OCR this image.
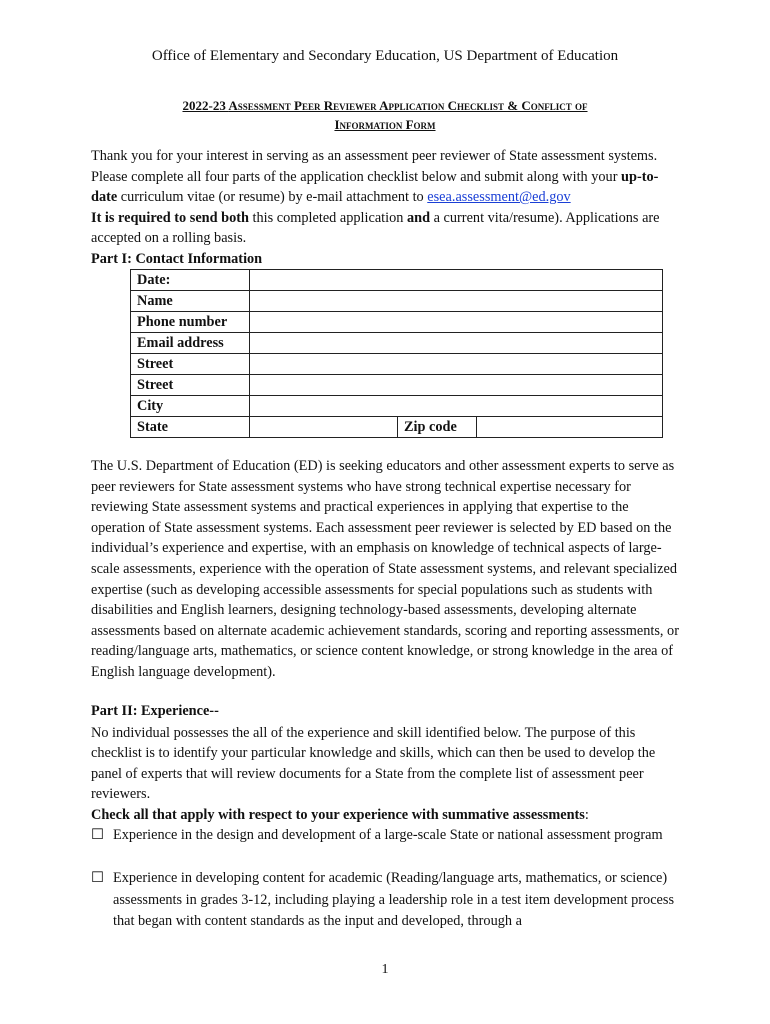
Office of Elementary and Secondary Education, US Department of Education
2022-23 Assessment Peer Reviewer Application Checklist & Conflict of
Information Form

Thank you for your interest in serving as an assessment peer reviewer of State assessment systems. Please complete all four parts of the application checklist below and submit along with your up-to-date curriculum vitae (or resume) by e-mail attachment to esea.assessment@ed.gov
It is required to send both this completed application and a current vita/resume). Applications are accepted on a rolling basis.

Part I: Contact Information
Date:			
Name			
Phone number			
Email address			
Street			
Street			
City			
State		Zip code	

The U.S. Department of Education (ED) is seeking educators and other assessment experts to serve as peer reviewers for State assessment systems who have strong technical expertise necessary for reviewing State assessment systems and practical experiences in applying that expertise to the operation of State assessment systems. Each assessment peer reviewer is selected by ED based on the individual’s experience and expertise, with an emphasis on knowledge of technical aspects of large-scale assessments, experience with the operation of State assessment systems, and relevant specialized expertise (such as developing accessible assessments for special populations such as students with disabilities and English learners, designing technology-based assessments, developing alternate assessments based on alternate academic achievement standards, scoring and reporting assessments, or reading/language arts, mathematics, or science content knowledge, or strong knowledge in the area of English language development).

Part II: Experience--
No individual possesses the all of the experience and skill identified below. The purpose of this checklist is to identify your particular knowledge and skills, which can then be used to develop the panel of experts that will review documents for a State from the complete list of assessment peer reviewers.
Check all that apply with respect to your experience with summative assessments:
☐ Experience in the design and development of a large-scale State or national assessment program
☐ Experience in developing content for academic (Reading/language arts, mathematics, or science) assessments in grades 3-12, including playing a leadership role in a test item development process that began with content standards as the input and developed, through a
1
